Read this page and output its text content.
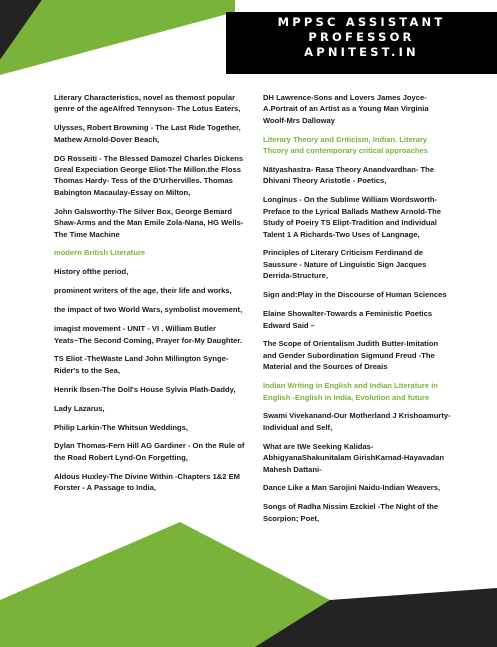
MPPSC ASSISTANT
PROFESSOR
APNITEST.IN

Literary Characteristics, novel as themost popular genre of the ageAlfred Tennyson- The Lotus Eaters,

Ulysses, Robert Browning - The Last Ride Together, Mathew Arnold-Dover Beach,

DG Rosseiti - The Blessed Damozel Charles Dickens Greal Expeciation George Eliot-The Millon.the Floss Thomas Hardy- Tess of the D'Urhervilles. Thomas Babington Macaulay-Essay on Milton,

John Galsworthy-The Silver Box, George Bemard Shaw-Arms and the Man Emile Zola-Nana, HG Wells-The Time Machine

modern British Literature

History ofthe period,

prominent writers of the age, their life and works,

the impact of two World Wars, symbolist movement,

imagist movement - UNIT - VI . William Butler Yeats~The Second Coming, Prayer for-My Daughter.

TS Eliot -TheWaste Land John Millington Synge-Rider's to the Sea,

Henrik Ibsen-The Doll's House Sylvia Plath-Daddy,

Lady Lazarus,

Philip Larkin-The Whitsun Weddings,

Dylan Thomas-Fern Hill AG Gardiner - On the Rule of the Road Robert Lynd-On Forgetting,

Aldous Huxley-The Divine Within -Chapters 1&2 EM Forster - A Passage to India,

DH Lawrence-Sons and Lovers James Joyce- A.Portrait of an Artist as a Young Man Virginia Woolf-Mrs Dalloway

Literary Theory and Criticism, Indian. Literary Thcory and contemporary critical approaches

Nātyashastra- Rasa Theory Anandvardhan- The Dhivani Theory Aristotle - Poetics,

Longinus - On the Sublime William Wordsworth-Preface to the Lyrical Ballads Mathew Arnold-The Study of Poeiry TS Elipt-Tradition and Individual Talent 1 A Richards-Two Uses of Langnage,

Principles of Literary Criticism Ferdinand de Saussure - Nature of Linguistic Sign Jacques Derrida-Structure,

Sign and:Play in the Discourse of Human Sciences

Elaine Showalter-Towards a Feministic Poetics Edward Said –

The Scope of Orientalism Judith Butter-Imitation and Gender Subordination Sigmund Freud -The Material and the Sources of Dreais

Indian Writing in English and Indian Literature in English -English in India, Evolution and future

Swami Vivekanand-Our Motherland J Krishoamurty-Individual and Self,

What are IWe Seeking Kalidas-AbhigyanaShakunitalam GirishKarnad-Hayavadan Mahesh Dattani-

Dance Like a Man Sarojini Naidu-Indian Weavers,

Songs of Radha Nissim Ezckiel -The Night of the Scorpion; Poet,
